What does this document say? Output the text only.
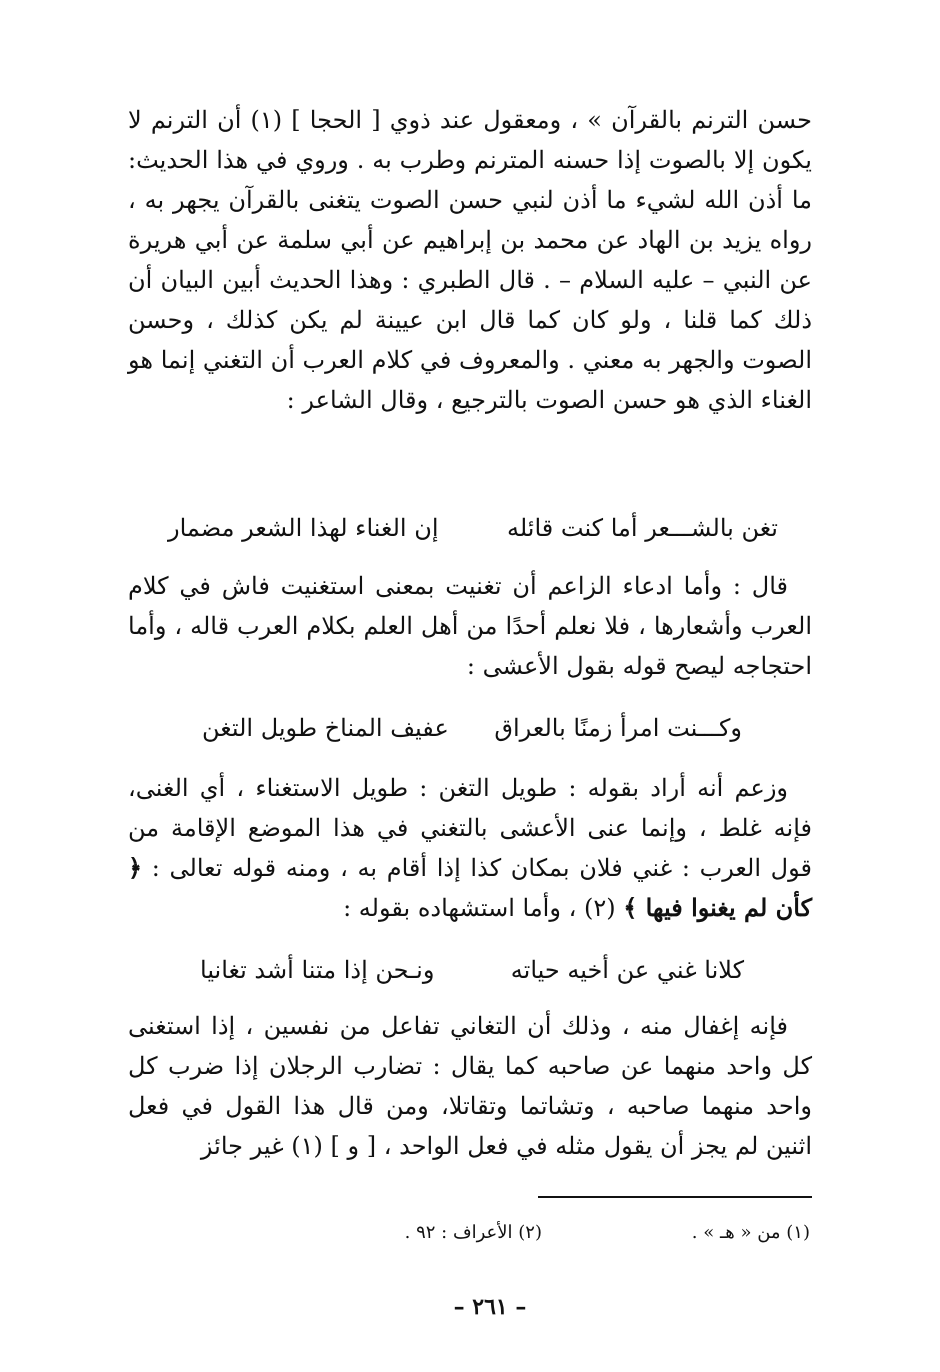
حسن الترنم بالقرآن » ، ومعقول عند ذوي [ الحجا ] (١) أن الترنم لا يكون إلا بالصوت إذا حسنه المترنم وطرب به . وروي في هذا الحديث: ما أذن الله لشيء ما أذن لنبي حسن الصوت يتغنى بالقرآن يجهر به ، رواه يزيد بن الهاد عن محمد بن إبراهيم عن أبي سلمة عن أبي هريرة عن النبي – عليه السلام – . قال الطبري : وهذا الحديث أبين البيان أن ذلك كما قلنا ، ولو كان كما قال ابن عيينة لم يكن كذلك ، وحسن الصوت والجهر به معني . والمعروف في كلام العرب أن التغني إنما هو الغناء الذي هو حسن الصوت بالترجيع ، وقال الشاعر :

تغن بالشـــعر أما كنت قائله
إن الغناء لهذا الشعر مضمار

قال : وأما ادعاء الزاعم أن تغنيت بمعنى استغنيت فاش في كلام العرب وأشعارها ، فلا نعلم أحدًا من أهل العلم بكلام العرب قاله ، وأما احتجاجه ليصح قوله بقول الأعشى :

وكـــنت امرأ زمنًا بالعراق
عفيف المناخ طويل التغن

وزعم أنه أراد بقوله : طويل التغن : طويل الاستغناء ، أي الغنى، فإنه غلط ، وإنما عنى الأعشى بالتغني في هذا الموضع الإقامة من قول العرب : غني فلان بمكان كذا إذا أقام به ، ومنه قوله تعالى : ﴿ كأن لم يغنوا فيها ﴾ (٢) ، وأما استشهاده بقوله :

كلانا غني عن أخيه حياته
ونـحن إذا متنا أشد تغانيا

فإنه إغفال منه ، وذلك أن التغاني تفاعل من نفسين ، إذا استغنى كل واحد منهما عن صاحبه كما يقال : تضارب الرجلان إذا ضرب كل واحد منهما صاحبه ، وتشاتما وتقاتلا، ومن قال هذا القول في فعل اثنين لم يجز أن يقول مثله في فعل الواحد ، [ و ] (١) غير جائز

(١) من « هـ » .
(٢) الأعراف : ٩٢ .
– ٢٦١ –
